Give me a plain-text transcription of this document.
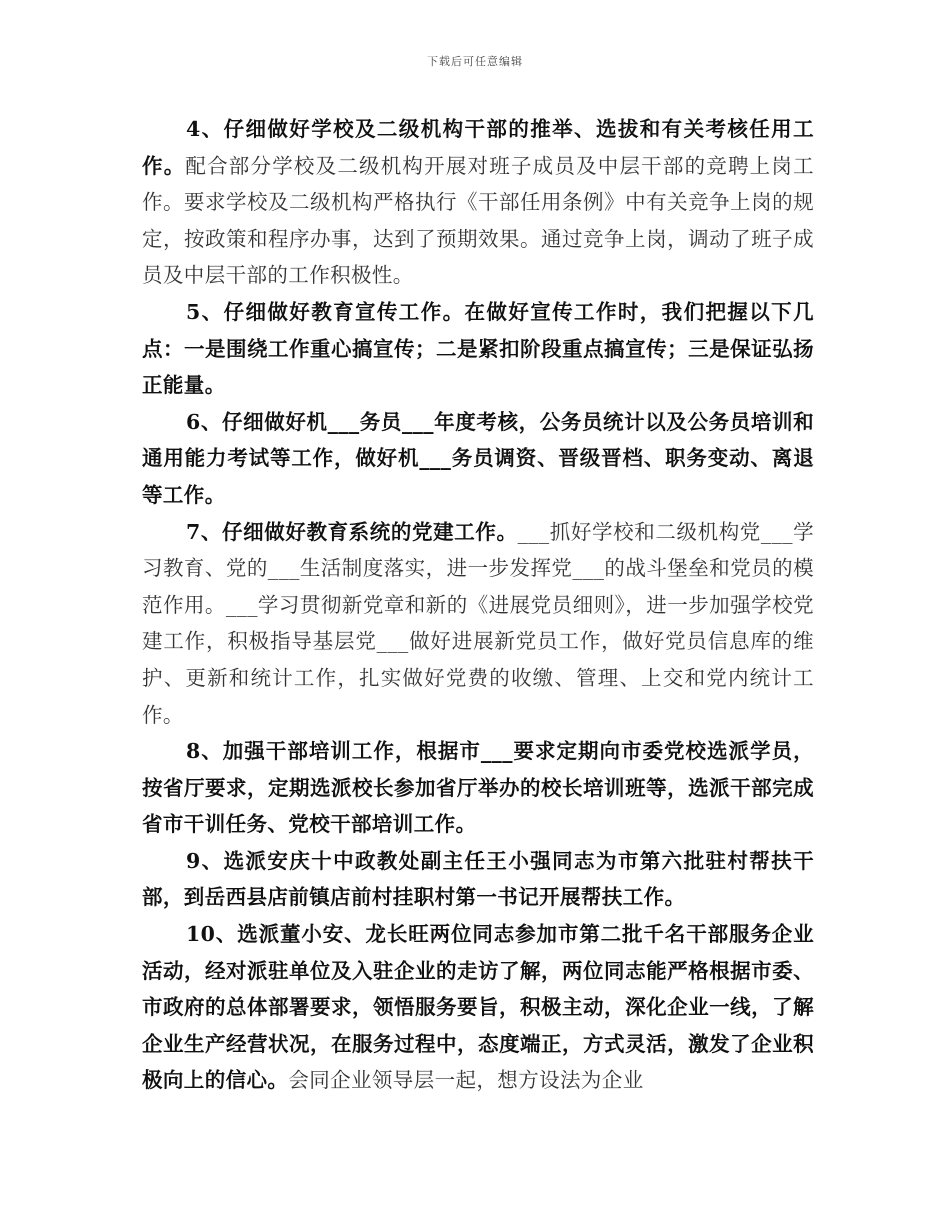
下载后可任意编辑

4、仔细做好学校及二级机构干部的推举、选拔和有关考核任用工作。配合部分学校及二级机构开展对班子成员及中层干部的竞聘上岗工作。要求学校及二级机构严格执行《干部任用条例》中有关竞争上岗的规定，按政策和程序办事，达到了预期效果。通过竞争上岗，调动了班子成员及中层干部的工作积极性。

5、仔细做好教育宣传工作。在做好宣传工作时，我们把握以下几点：一是围绕工作重心搞宣传；二是紧扣阶段重点搞宣传；三是保证弘扬正能量。

6、仔细做好机___务员___年度考核，公务员统计以及公务员培训和通用能力考试等工作，做好机___务员调资、晋级晋档、职务变动、离退等工作。

7、仔细做好教育系统的党建工作。___抓好学校和二级机构党___学习教育、党的___生活制度落实，进一步发挥党___的战斗堡垒和党员的模范作用。___学习贯彻新党章和新的《进展党员细则》，进一步加强学校党建工作，积极指导基层党___做好进展新党员工作，做好党员信息库的维护、更新和统计工作，扎实做好党费的收缴、管理、上交和党内统计工作。

8、加强干部培训工作，根据市___要求定期向市委党校选派学员，按省厅要求，定期选派校长参加省厅举办的校长培训班等，选派干部完成省市干训任务、党校干部培训工作。

9、选派安庆十中政教处副主任王小强同志为市第六批驻村帮扶干部，到岳西县店前镇店前村挂职村第一书记开展帮扶工作。

10、选派董小安、龙长旺两位同志参加市第二批千名干部服务企业活动，经对派驻单位及入驻企业的走访了解，两位同志能严格根据市委、市政府的总体部署要求，领悟服务要旨，积极主动，深化企业一线，了解企业生产经营状况，在服务过程中，态度端正，方式灵活，激发了企业积极向上的信心。会同企业领导层一起，想方设法为企业
